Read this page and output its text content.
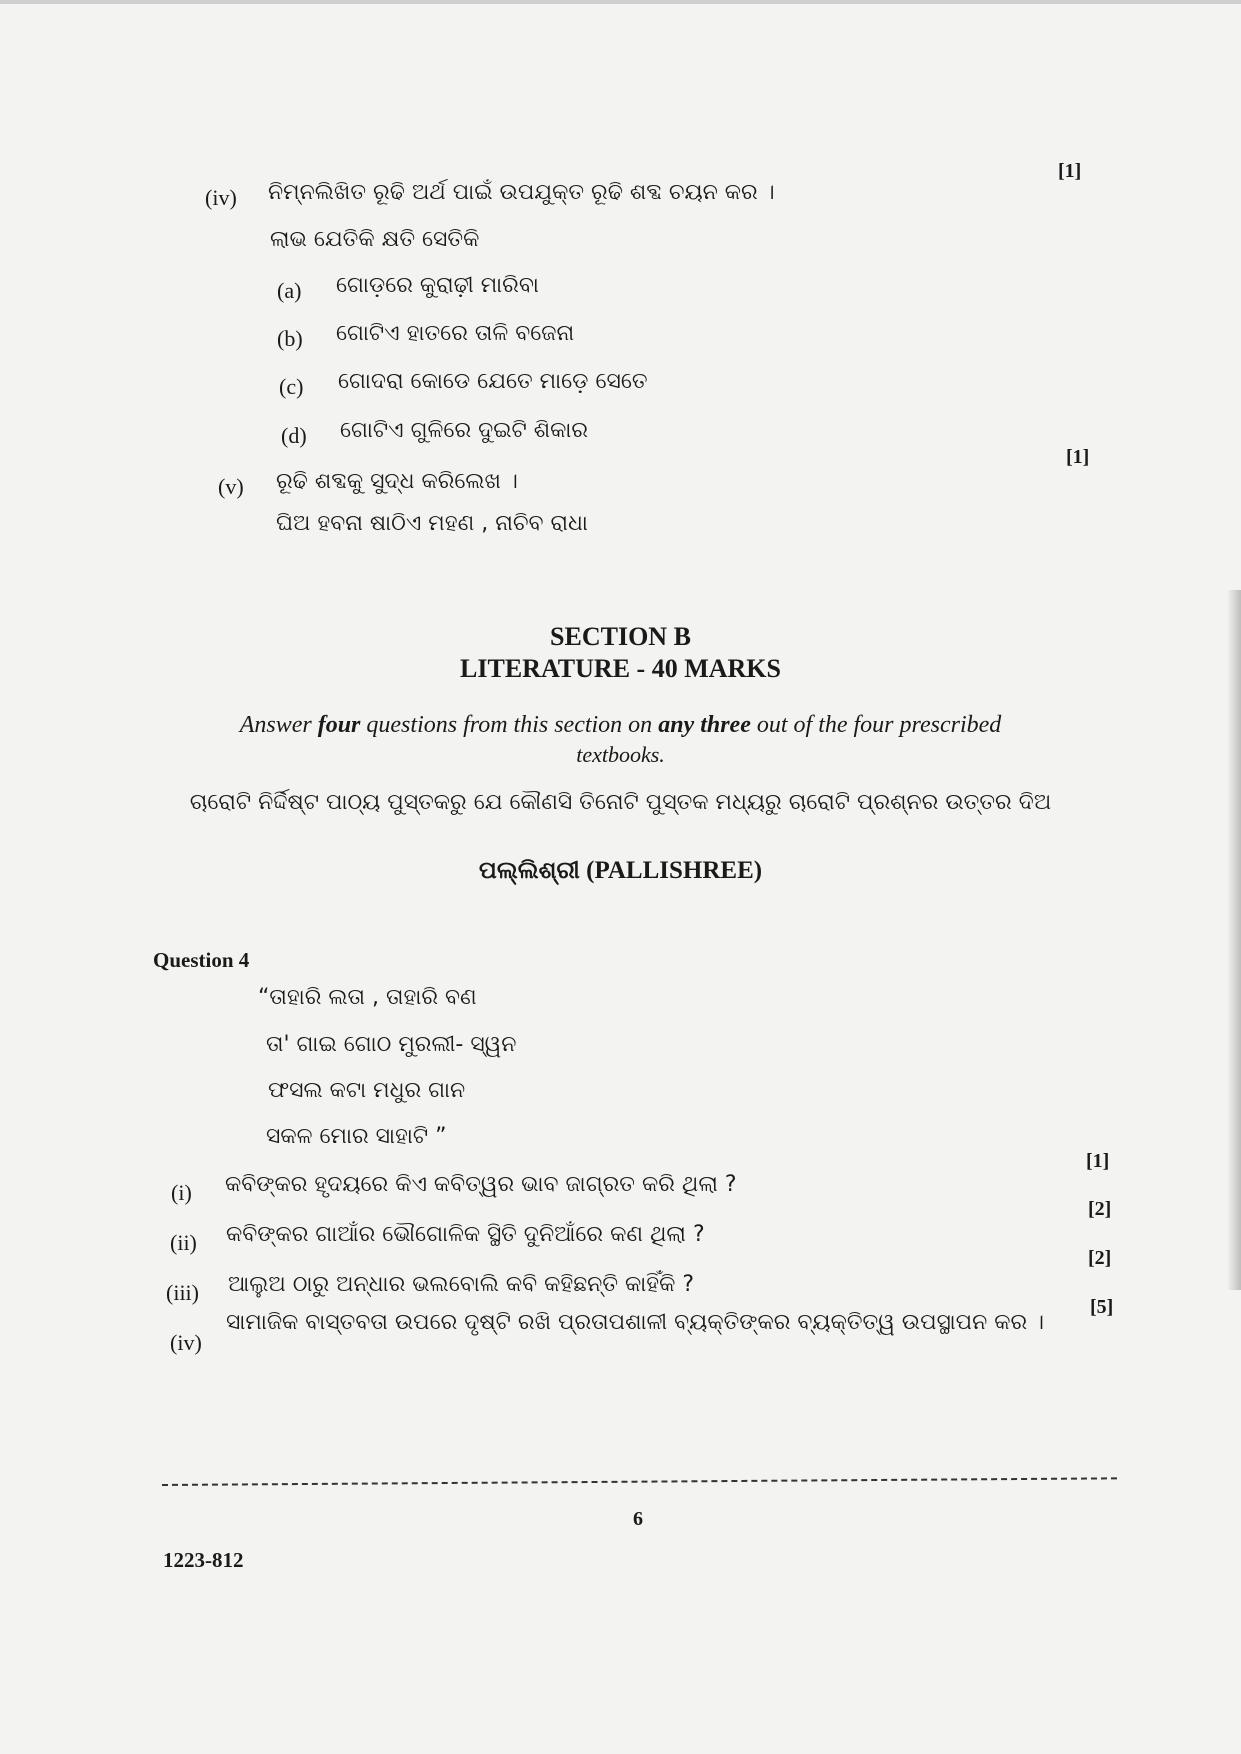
[1]
(iv) ନିମ୍ନଲିଖିତ ରୂଢି ଅର୍ଥ ପାଇଁ ଉପଯୁକ୍ତ ରୂଢି ଶବ୍ଦ ଚୟନ କର ।
ଲାଭ ଯେତିକି କ୍ଷତି ସେତିକି
(a) ଗୋଡ଼ରେ କୁରାଢ଼ୀ ମାରିବା
(b) ଗୋଟିଏ ହାତରେ ତାଳି ବଜେନା
(c) ଗୋଦରା କୋଡେ ଯେତେ ମାଡ଼େ ସେତେ
(d) ଗୋଟିଏ ଗୁଳିରେ ଦୁଇଟି ଶିକାର
[1]
(v) ରୂଢି ଶବ୍ଦକୁ ସୁଦ୍ଧ କରିଲେଖ ।
ଘିଅ ହବନା ଷାଠିଏ ମହଣ , ନାଚିବ ରାଧା
SECTION B
LITERATURE - 40 MARKS
Answer four questions from this section on any three out of the four prescribed
textbooks.
ଚାରୋଟି ନିର୍ଦ୍ଦିଷ୍ଟ ପାଠ୍ୟ ପୁସ୍ତକରୁ ଯେ କୌଣସି ତିନୋଟି ପୁସ୍ତକ ମଧ୍ୟରୁ ଚାରୋଟି ପ୍ରଶ୍ନର ଉତ୍ତର ଦିଅ
ପଲ୍ଲିଶ୍ରୀ (PALLISHREE)
Question 4
“ତାହାରି ଲତା , ତାହାରି ବଣ
ତା' ଗାଇ ଗୋଠ ମୁରଲୀ- ସ୍ୱନ
ଫସଲ କଟା ମଧୁର ଗାନ
ସକଳ ମୋର ସାହାଟି ”
[1]
(i) କବିଙ୍କର ହୃଦୟରେ କିଏ କବିତ୍ୱର ଭାବ ଜାଗ୍ରତ କରି ଥିଲା ?
[2]
(ii) କବିଙ୍କର ଗାଆଁର ଭୌଗୋଳିକ ସ୍ଥିତି ଦୁନିଆଁରେ କଣ ଥିଲା ?
[2]
(iii) ଆଲୁଅ ଠାରୁ ଅନ୍ଧାର ଭଲବୋଲି କବି କହିଛନ୍ତି କାହିଁକି ?
[5]
(iv)
ସାମାଜିକ ବାସ୍ତବତା ଉପରେ ଦୃଷ୍ଟି ରଖି ପ୍ରତାପଶାଳୀ ବ୍ୟକ୍ତିଙ୍କର ବ୍ୟକ୍ତିତ୍ୱ ଉପସ୍ଥାପନ କର ।
6
1223-812
